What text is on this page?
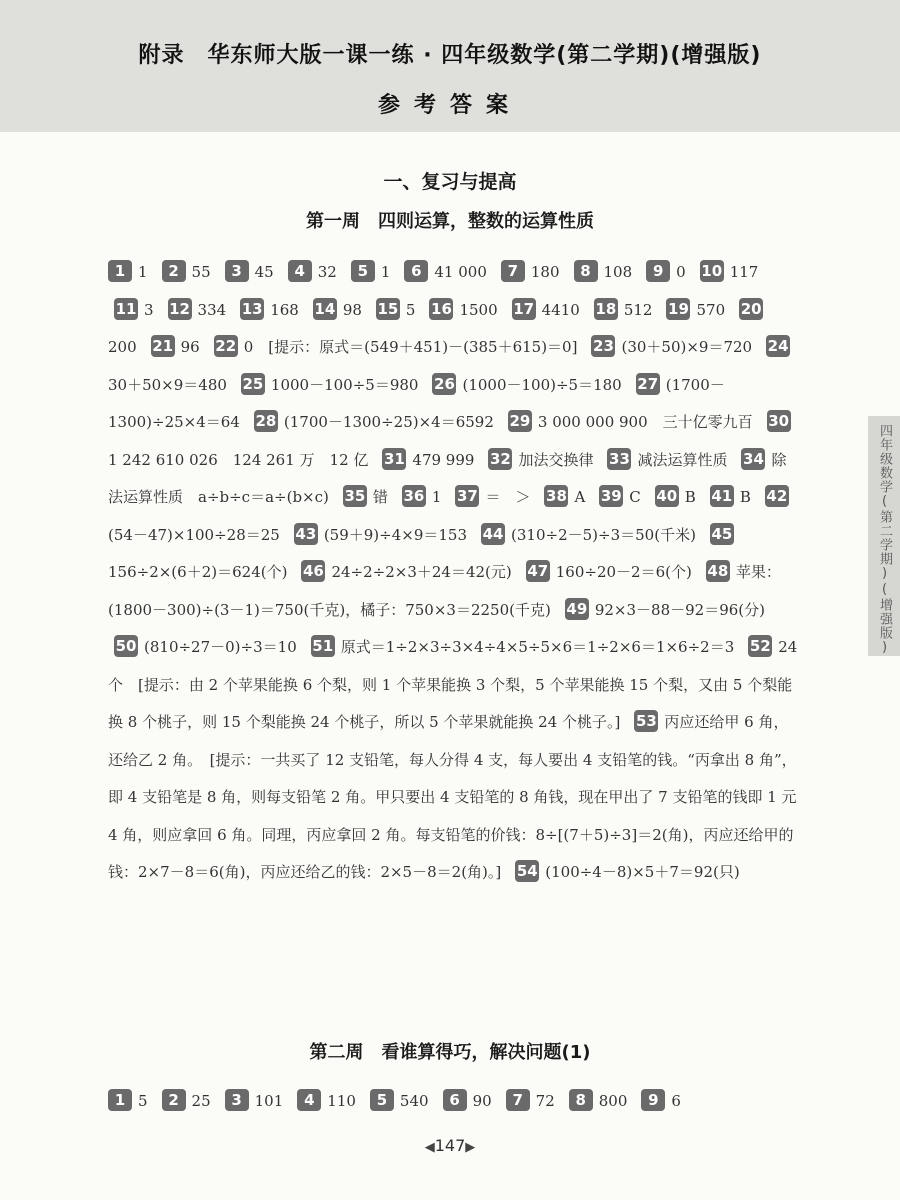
附录　华东师大版一课一练 · 四年级数学(第二学期)(增强版)
参考答案
一、复习与提高
第一周　四则运算，整数的运算性质
1 1 2 55 3 45 4 32 5 1 6 41 000 7 180 8 108 9 0 10 11711 3 12 334 13 168 14 98 15 5 16 1500 17 4410 18 512 19 570 20200 21 96 22 0　[提示：原式＝(549＋451)－(385＋615)＝0] 23 (30＋50)×9＝720 2430＋50×9＝480 25 1000－100÷5＝980 26 (1000－100)÷5＝180 27 (1700－1300)÷25×4＝64 28 (1700－1300÷25)×4＝6592 29 3 000 000 900　三十亿零九百 301 242 610 026　124 261 万　12 亿 31 479 999 32 加法交换律 33 减法运算性质 34 除法运算性质　a÷b÷c＝a÷(b×c) 35 错 36 1 37 ＝　＞ 38 A 39 C 40 B 41 B 42(54－47)×100÷28＝25 43 (59＋9)÷4×9＝153 44 (310÷2－5)÷3＝50(千米) 45156÷2×(6＋2)＝624(个) 46 24÷2÷2×3＋24＝42(元) 47 160÷20－2＝6(个) 48 苹果：(1800－300)÷(3－1)＝750(千克)，橘子：750×3＝2250(千克) 49 92×3－88－92＝96(分)50 (810÷27－0)÷3＝10 51 原式＝1÷2×3÷3×4÷4×5÷5×6＝1÷2×6＝1×6÷2＝3 52 24 个　[提示：由 2 个苹果能换 6 个梨，则 1 个苹果能换 3 个梨，5 个苹果能换 15 个梨，又由 5 个梨能换 8 个桃子，则 15 个梨能换 24 个桃子，所以 5 个苹果就能换 24 个桃子。] 53 丙应还给甲 6 角，还给乙 2 角。　[提示：一共买了 12 支铅笔，每人分得 4 支，每人要出 4 支铅笔的钱。“丙拿出 8 角”，即 4 支铅笔是 8 角，则每支铅笔 2 角。甲只要出 4 支铅笔的 8 角钱，现在甲出了 7 支铅笔的钱即 1 元 4 角，则应拿回 6 角。同理，丙应拿回 2 角。每支铅笔的价钱：8÷[(7＋5)÷3]＝2(角)，丙应还给甲的钱：2×7－8＝6(角)，丙应还给乙的钱：2×5－8＝2(角)。] 54 (100÷4－8)×5＋7＝92(只)
第二周　看谁算得巧，解决问题(1)
1 5 2 25 3 101 4 110 5 540 6 90 7 72 8 800 9 6
四年级数学(第二学期)(增强版)
◀147▶
